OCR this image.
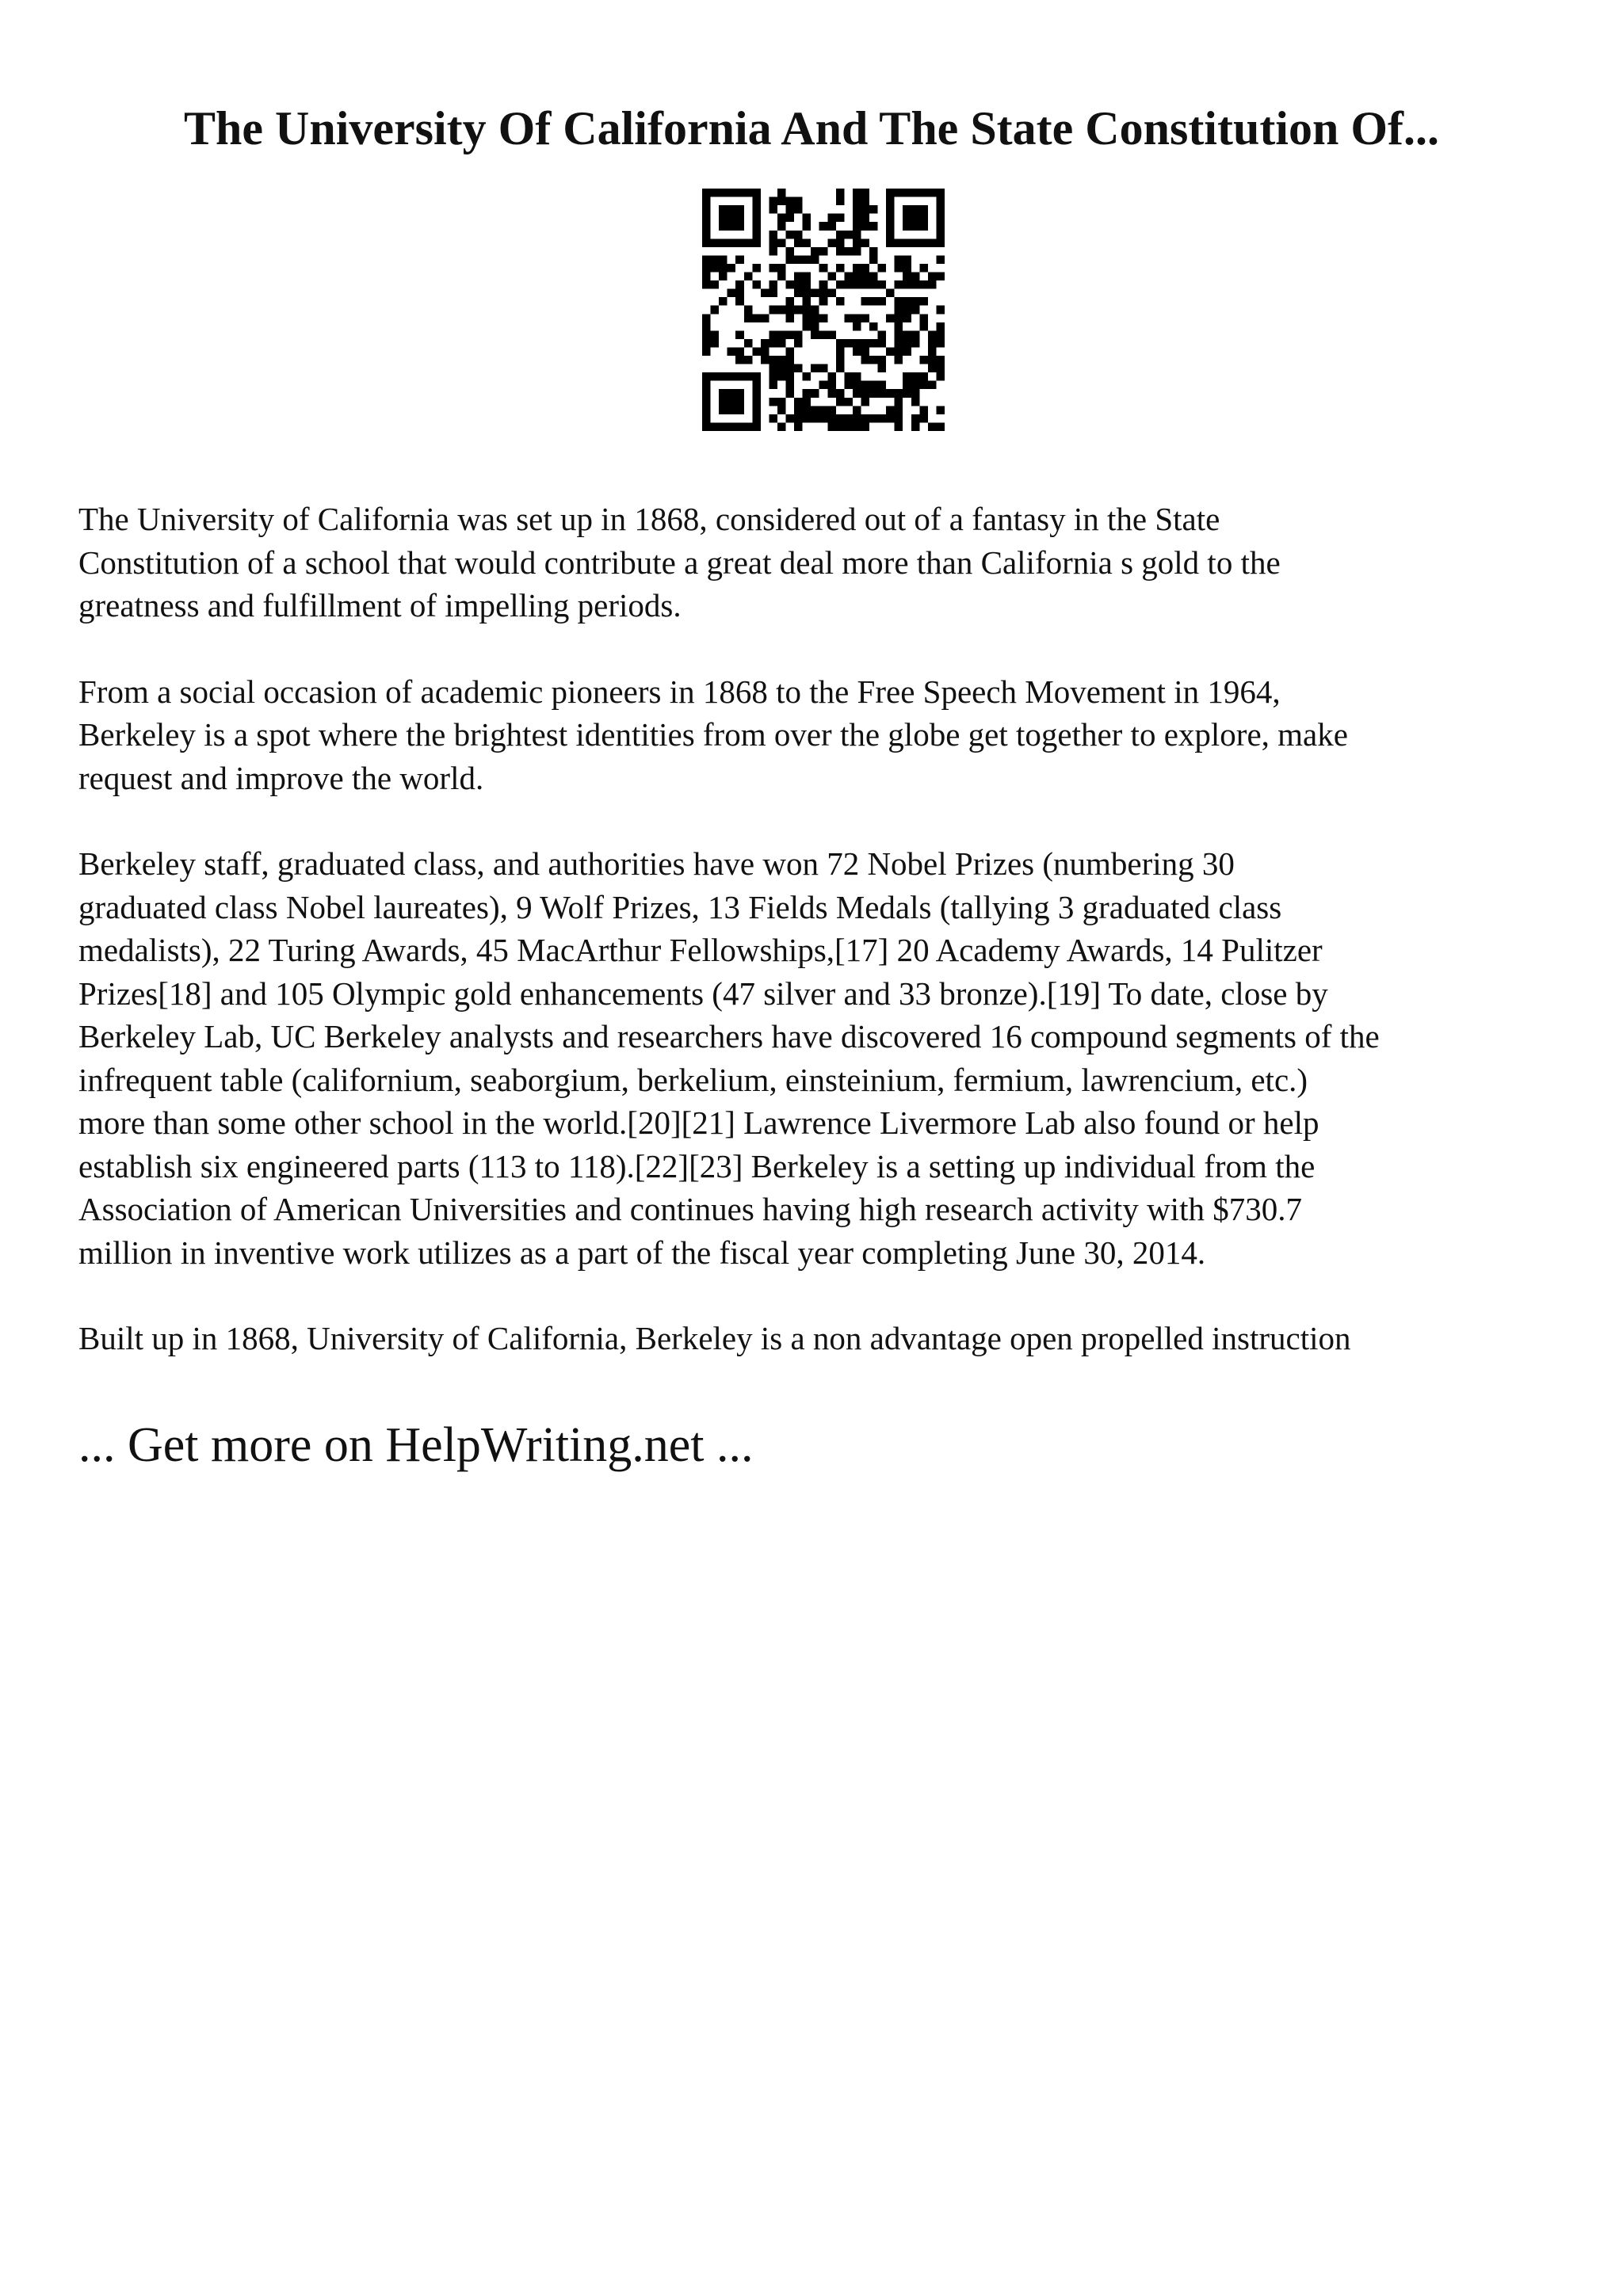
The University Of California And The State Constitution Of...

The University of California was set up in 1868, considered out of a fantasy in the State
Constitution of a school that would contribute a great deal more than California s gold to the
greatness and fulfillment of impelling periods.

From a social occasion of academic pioneers in 1868 to the Free Speech Movement in 1964,
Berkeley is a spot where the brightest identities from over the globe get together to explore, make
request and improve the world.

Berkeley staff, graduated class, and authorities have won 72 Nobel Prizes (numbering 30
graduated class Nobel laureates), 9 Wolf Prizes, 13 Fields Medals (tallying 3 graduated class
medalists), 22 Turing Awards, 45 MacArthur Fellowships,[17] 20 Academy Awards, 14 Pulitzer
Prizes[18] and 105 Olympic gold enhancements (47 silver and 33 bronze).[19] To date, close by
Berkeley Lab, UC Berkeley analysts and researchers have discovered 16 compound segments of the
infrequent table (californium, seaborgium, berkelium, einsteinium, fermium, lawrencium, etc.)
more than some other school in the world.[20][21] Lawrence Livermore Lab also found or help
establish six engineered parts (113 to 118).[22][23] Berkeley is a setting up individual from the
Association of American Universities and continues having high research activity with $730.7
million in inventive work utilizes as a part of the fiscal year completing June 30, 2014.

Built up in 1868, University of California, Berkeley is a non advantage open propelled instruction

... Get more on HelpWriting.net ...
